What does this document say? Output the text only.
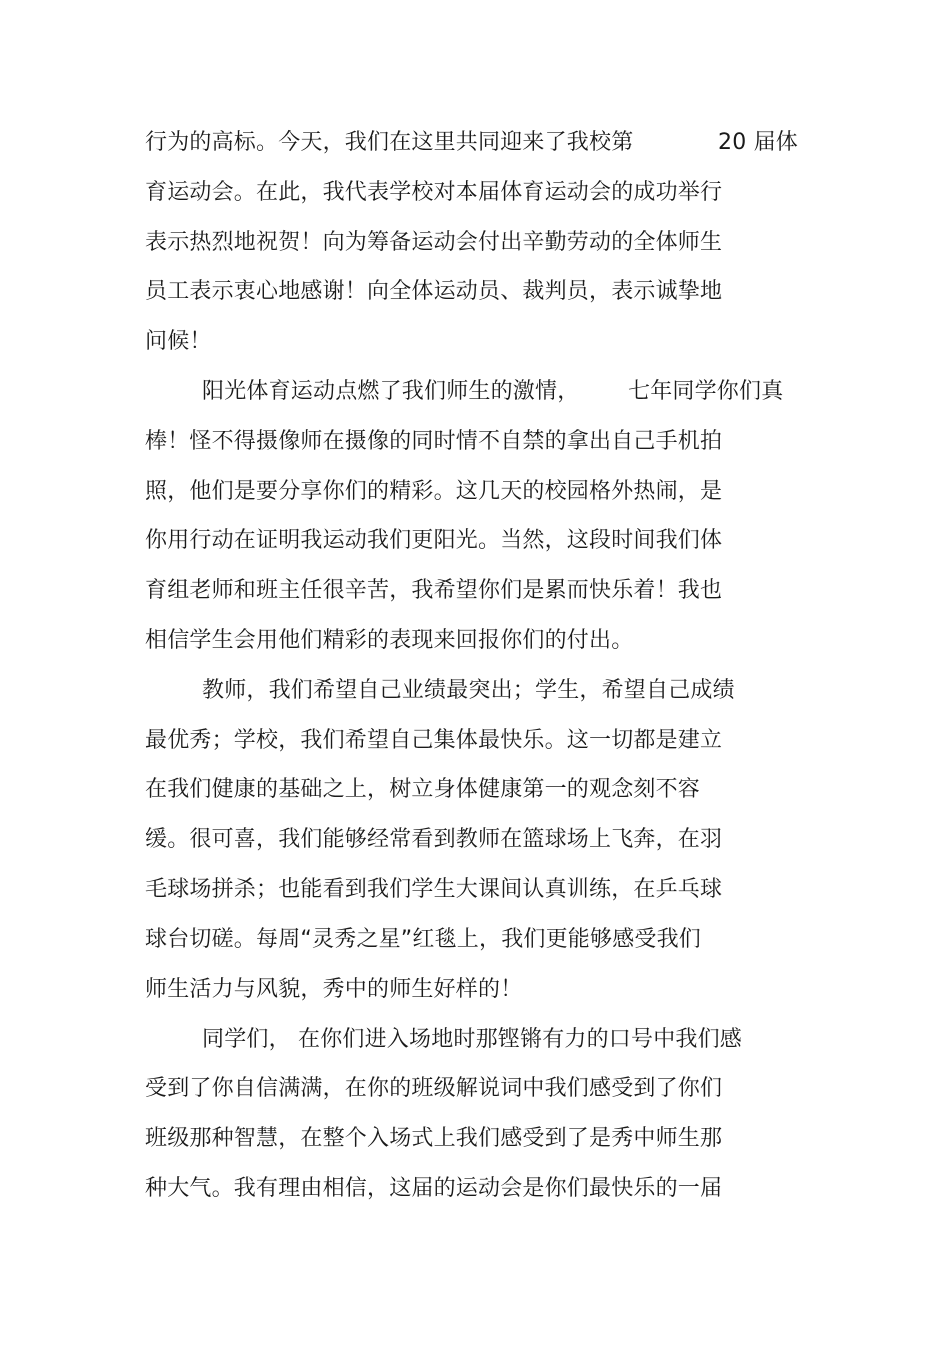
行为的高标。今天，我们在这里共同迎来了我校第	20 届体
育运动会。在此，我代表学校对本届体育运动会的成功举行
表示热烈地祝贺！向为筹备运动会付出辛勤劳动的全体师生
员工表示衷心地感谢！向全体运动员、裁判员，表示诚挚地
问候！
阳光体育运动点燃了我们师生的激情， 七年同学你们真
棒！怪不得摄像师在摄像的同时情不自禁的拿出自己手机拍
照，他们是要分享你们的精彩。这几天的校园格外热闹，是
你用行动在证明我运动我们更阳光。当然，这段时间我们体
育组老师和班主任很辛苦，我希望你们是累而快乐着！我也
相信学生会用他们精彩的表现来回报你们的付出。
教师，我们希望自己业绩最突出；学生，希望自己成绩
最优秀；学校，我们希望自己集体最快乐。这一切都是建立
在我们健康的基础之上，树立身体健康第一的观念刻不容
缓。很可喜，我们能够经常看到教师在篮球场上飞奔，在羽
毛球场拼杀；也能看到我们学生大课间认真训练，在乒乓球
球台切磋。每周“灵秀之星”红毯上，我们更能够感受我们
师生活力与风貌，秀中的师生好样的！
同学们， 在你们进入场地时那铿锵有力的口号中我们感
受到了你自信满满，在你的班级解说词中我们感受到了你们
班级那种智慧，在整个入场式上我们感受到了是秀中师生那
种大气。我有理由相信，这届的运动会是你们最快乐的一届
